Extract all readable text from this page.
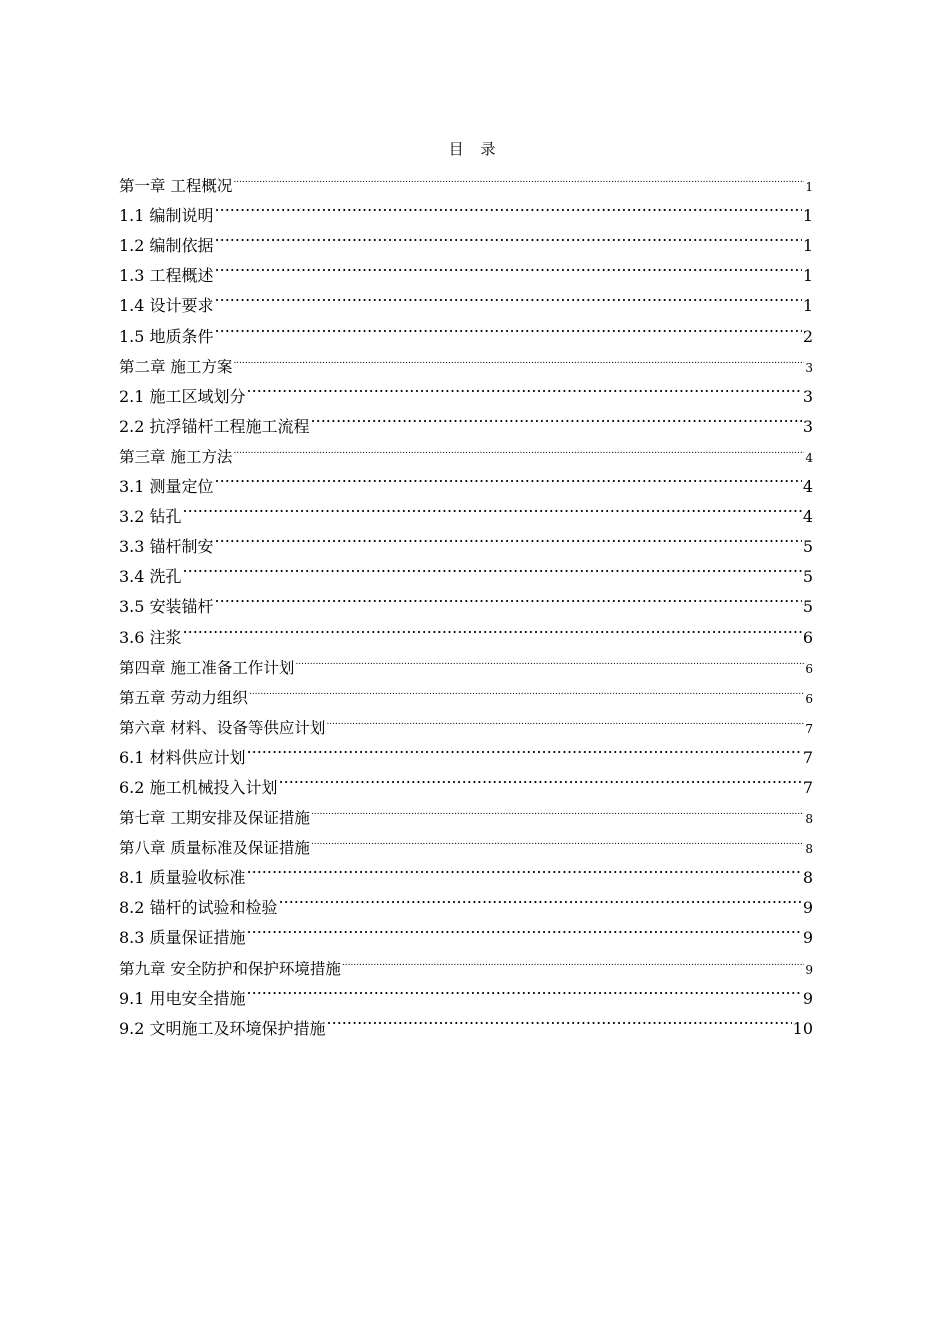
目 录
第一章 工程概况 .....	1
1.1 编制说明 .....	1
1.2 编制依据 .....	1
1.3 工程概述 .....	1
1.4 设计要求 .....	1
1.5 地质条件 .....	2
第二章 施工方案 .....	3
2.1 施工区域划分 .....	3
2.2 抗浮锚杆工程施工流程 .....	3
第三章 施工方法 .....	4
3.1 测量定位 .....	4
3.2 钻孔 .....	4
3.3 锚杆制安 .....	5
3.4 洗孔 .....	5
3.5 安装锚杆 .....	5
3.6 注浆 .....	6
第四章 施工准备工作计划 .....	6
第五章 劳动力组织 .....	6
第六章 材料、设备等供应计划 .....	7
6.1 材料供应计划 .....	7
6.2 施工机械投入计划 .....	7
第七章 工期安排及保证措施 .....	8
第八章 质量标准及保证措施 .....	8
8.1 质量验收标准 .....	8
8.2 锚杆的试验和检验 .....	9
8.3 质量保证措施 .....	9
第九章 安全防护和保护环境措施 .....	9
9.1 用电安全措施 .....	9
9.2 文明施工及环境保护措施 .....	10
